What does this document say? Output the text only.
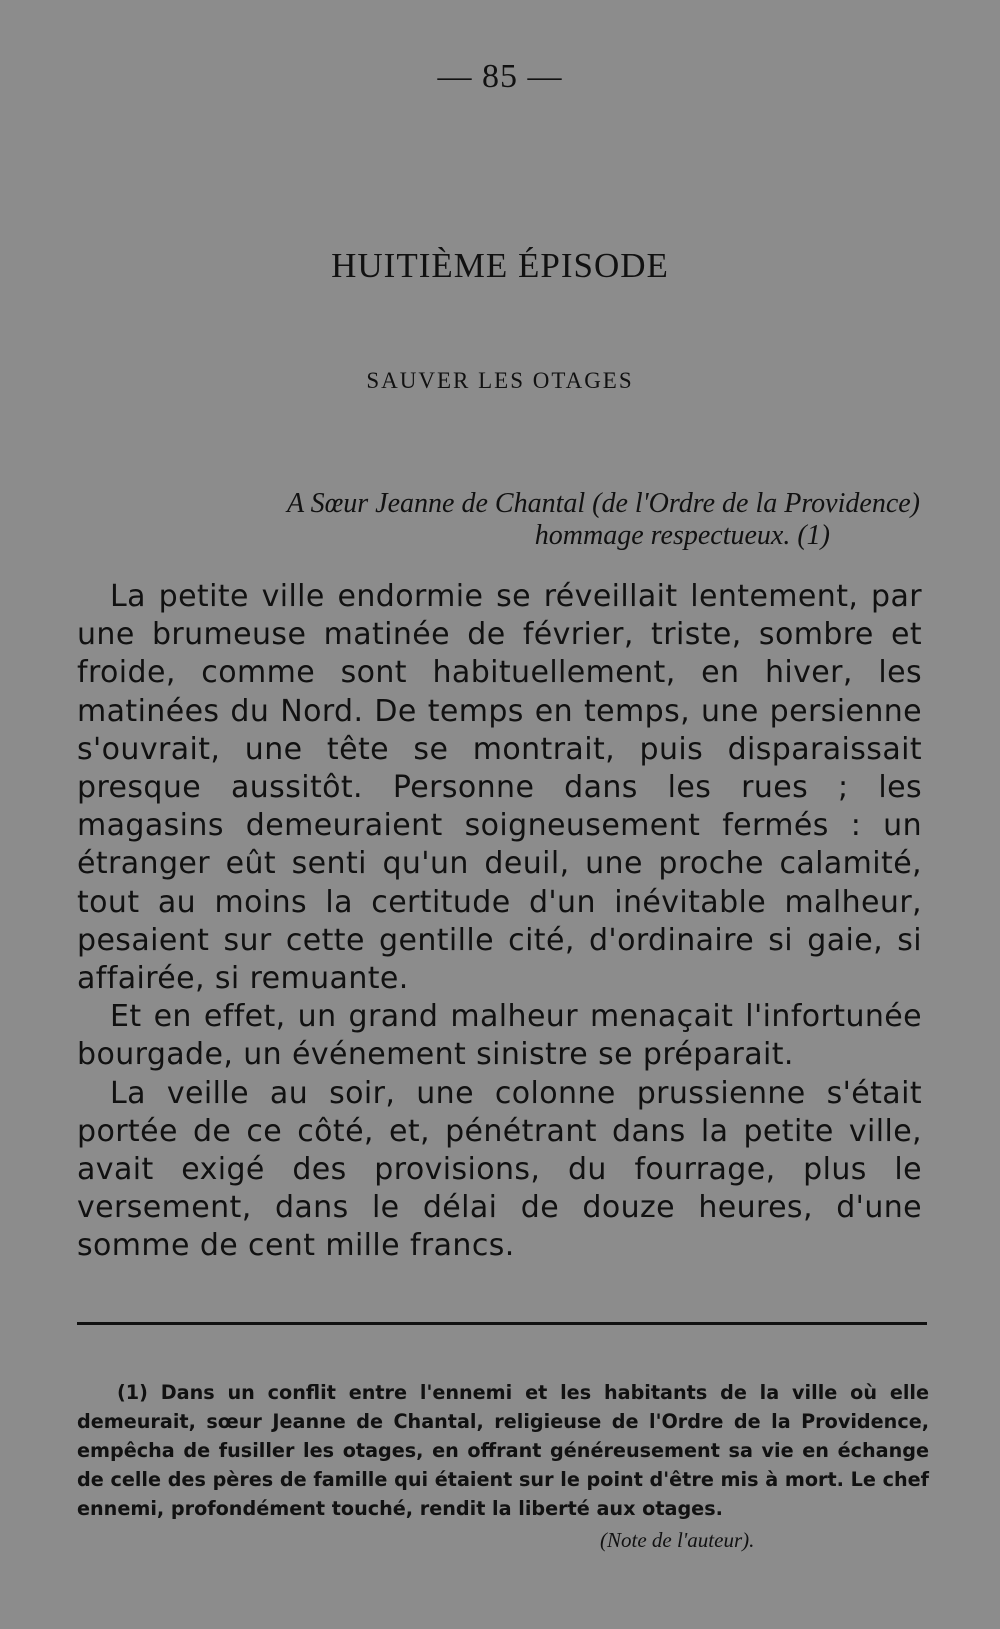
— 85 —
HUITIÈME ÉPISODE
SAUVER LES OTAGES
A Sœur Jeanne de Chantal (de l'Ordre de la Providence)
hommage respectueux. (1)

La petite ville endormie se réveillait lentement, par une brumeuse matinée de février, triste, sombre et froide, comme sont habituellement, en hiver, les matinées du Nord. De temps en temps, une persienne s'ouvrait, une tête se montrait, puis disparaissait presque aussitôt. Personne dans les rues ; les magasins demeuraient soigneusement fermés : un étranger eût senti qu'un deuil, une proche calamité, tout au moins la certitude d'un inévitable malheur, pesaient sur cette gentille cité, d'ordinaire si gaie, si affairée, si remuante.

Et en effet, un grand malheur menaçait l'infortunée bourgade, un événement sinistre se préparait.

La veille au soir, une colonne prussienne s'était portée de ce côté, et, pénétrant dans la petite ville, avait exigé des provisions, du fourrage, plus le versement, dans le délai de douze heures, d'une somme de cent mille francs.

(1) Dans un conflit entre l'ennemi et les habitants de la ville où elle demeurait, sœur Jeanne de Chantal, religieuse de l'Ordre de la Providence, empêcha de fusiller les otages, en offrant généreusement sa vie en échange de celle des pères de famille qui étaient sur le point d'être mis à mort. Le chef ennemi, profondément touché, rendit la liberté aux otages.

(Note de l'auteur).
